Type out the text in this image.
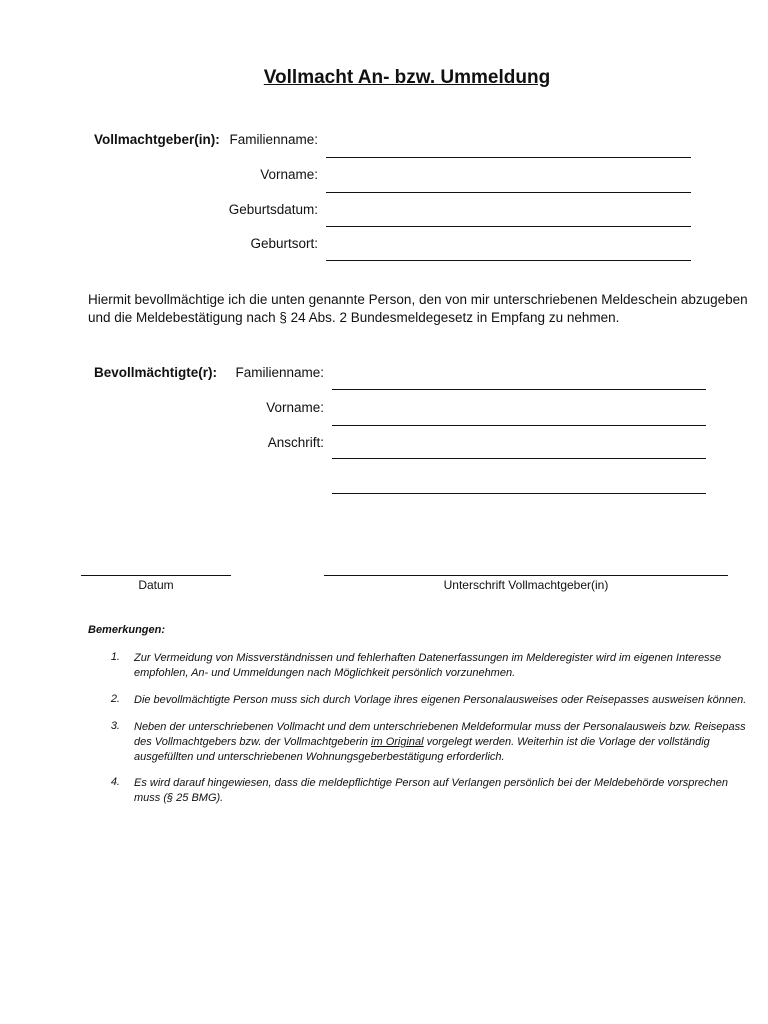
Vollmacht An- bzw. Ummeldung
Vollmachtgeber(in): Familienname:
Vorname:
Geburtsdatum:
Geburtsort:
Hiermit bevollmächtige ich die unten genannte Person, den von mir unterschriebenen Meldeschein abzugeben
und die Meldebestätigung nach § 24 Abs. 2 Bundesmeldegesetz in Empfang zu nehmen.
Bevollmächtigte(r):	Familienname:
Vorname:
Anschrift:
Datum	Unterschrift Vollmachtgeber(in)
Bemerkungen:
1. Zur Vermeidung von Missverständnissen und fehlerhaften Datenerfassungen im Melderegister wird im eigenen Interesse
empfohlen, An- und Ummeldungen nach Möglichkeit persönlich vorzunehmen.
2. Die bevollmächtigte Person muss sich durch Vorlage ihres eigenen Personalausweises oder Reisepasses ausweisen können.
3. Neben der unterschriebenen Vollmacht und dem unterschriebenen Meldeformular muss der Personalausweis bzw. Reisepass
des Vollmachtgebers bzw. der Vollmachtgeberin im Original vorgelegt werden. Weiterhin ist die Vorlage der vollständig
ausgefüllten und unterschriebenen Wohnungsgeberbestätigung erforderlich.
4. Es wird darauf hingewiesen, dass die meldepflichtige Person auf Verlangen persönlich bei der Meldebehörde vorsprechen
muss (§ 25 BMG).
